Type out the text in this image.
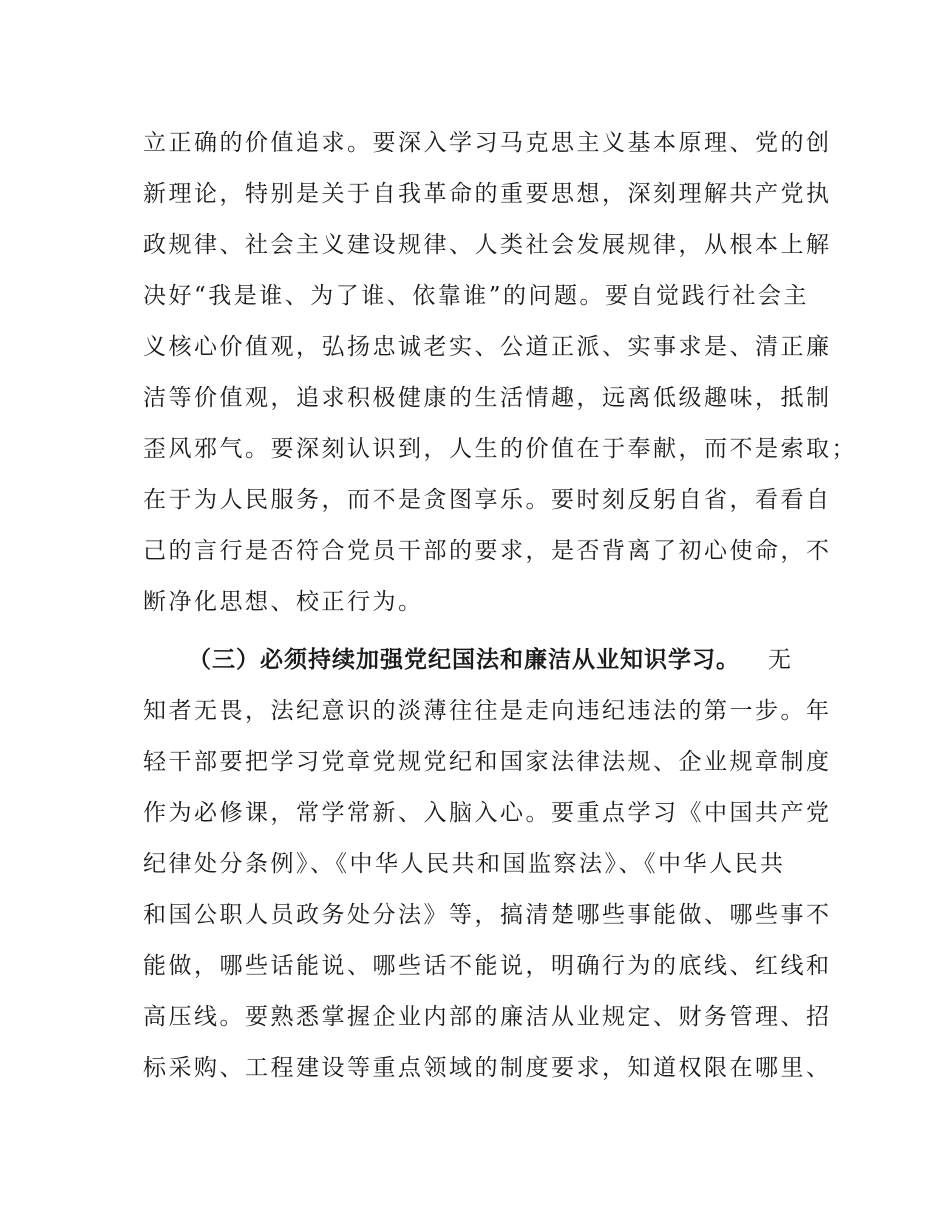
立正确的价值追求。要深入学习马克思主义基本原理、党的创
新理论，特别是关于自我革命的重要思想，深刻理解共产党执
政规律、社会主义建设规律、人类社会发展规律，从根本上解
决好“我是谁、为了谁、依靠谁”的问题。要自觉践行社会主
义核心价值观，弘扬忠诚老实、公道正派、实事求是、清正廉
洁等价值观，追求积极健康的生活情趣，远离低级趣味，抵制
歪风邪气。要深刻认识到，人生的价值在于奉献，而不是索取；
在于为人民服务，而不是贪图享乐。要时刻反躬自省，看看自
己的言行是否符合党员干部的要求，是否背离了初心使命，不
断净化思想、校正行为。
（三）必须持续加强党纪国法和廉洁从业知识学习。 无
知者无畏，法纪意识的淡薄往往是走向违纪违法的第一步。年
轻干部要把学习党章党规党纪和国家法律法规、企业规章制度
作为必修课，常学常新、入脑入心。要重点学习《中国共产党
纪律处分条例》、《中华人民共和国监察法》、《中华人民共
和国公职人员政务处分法》等，搞清楚哪些事能做、哪些事不
能做，哪些话能说、哪些话不能说，明确行为的底线、红线和
高压线。要熟悉掌握企业内部的廉洁从业规定、财务管理、招
标采购、工程建设等重点领域的制度要求，知道权限在哪里、
